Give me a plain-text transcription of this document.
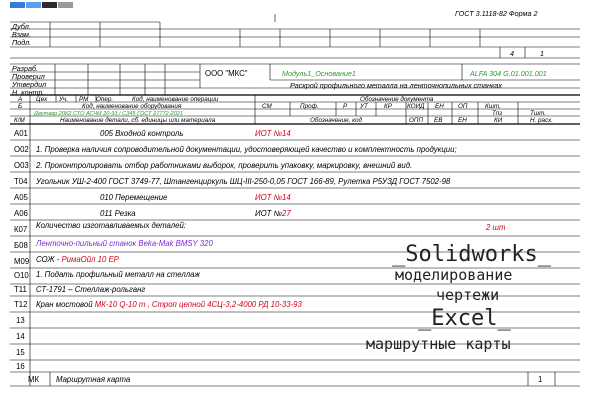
ГОСТ 3.1118-82 Форма 2
4	1
Дубл.
Взам.
Подл.
Разраб.
Проверил
Утвердил
Н. контр.
ООО "МКС"	Модуль1_Основание1	ALFA 304 G.01.001.001
Раскрой профильного металла на ленточнопильных станках
А Цех Уч. РМ Опер.	Код, наименование операции	Обозначение документа
Б	Код, наименование оборудования	СМ	Проф.	Р УТ	КР КОИД ЕН ОП	Кшт.
Тпз	Тшт.
К/М	Наименование детали, сб. единицы или материала	Обозначение, код	ОПП ЕВ ЕН	КИ	Н. расх.
Двутавр 20К2 СТО АСЧМ 20-93 / С345 ГОСТ 27772-2021
А01	005 Входной контроль	ИОТ №14
О02 1. Проверка наличия сопроводительной документации, удостоверяющей качество и комплектность продукции;
О03 2. Проконтролировать отбор работниками выборок, проверить упаковку, маркировку, внешний вид.
Т04 Угольник УШ-2-400 ГОСТ 3749-77, Штангенциркуль ШЦ-III-250-0,05 ГОСТ 166-89, Рулетка Р5УЗД ГОСТ 7502-98
А05	010 Перемещение	ИОТ №14
А06	011 Резка	ИОТ №27
К07 Количество изготавливаемых деталей:	2 шт
Б08 Ленточно-пильный станок Beka-Mak BMSY 320
М09 СОЖ - РимаОйл 10 ЕР
О10 1. Подать профильный металл на стеллаж
Т11 СТ-1791 – Стеллаж-рольганг
Т12 Кран мостовой МК-10 Q-10 т , Строп цепной 4СЦ-3,2-4000 РД 10-33-93
13
14
15
16
МК Маршрутная карта	1
_Solidworks_
моделирование
чертежи
_Excel_
маршрутные карты
